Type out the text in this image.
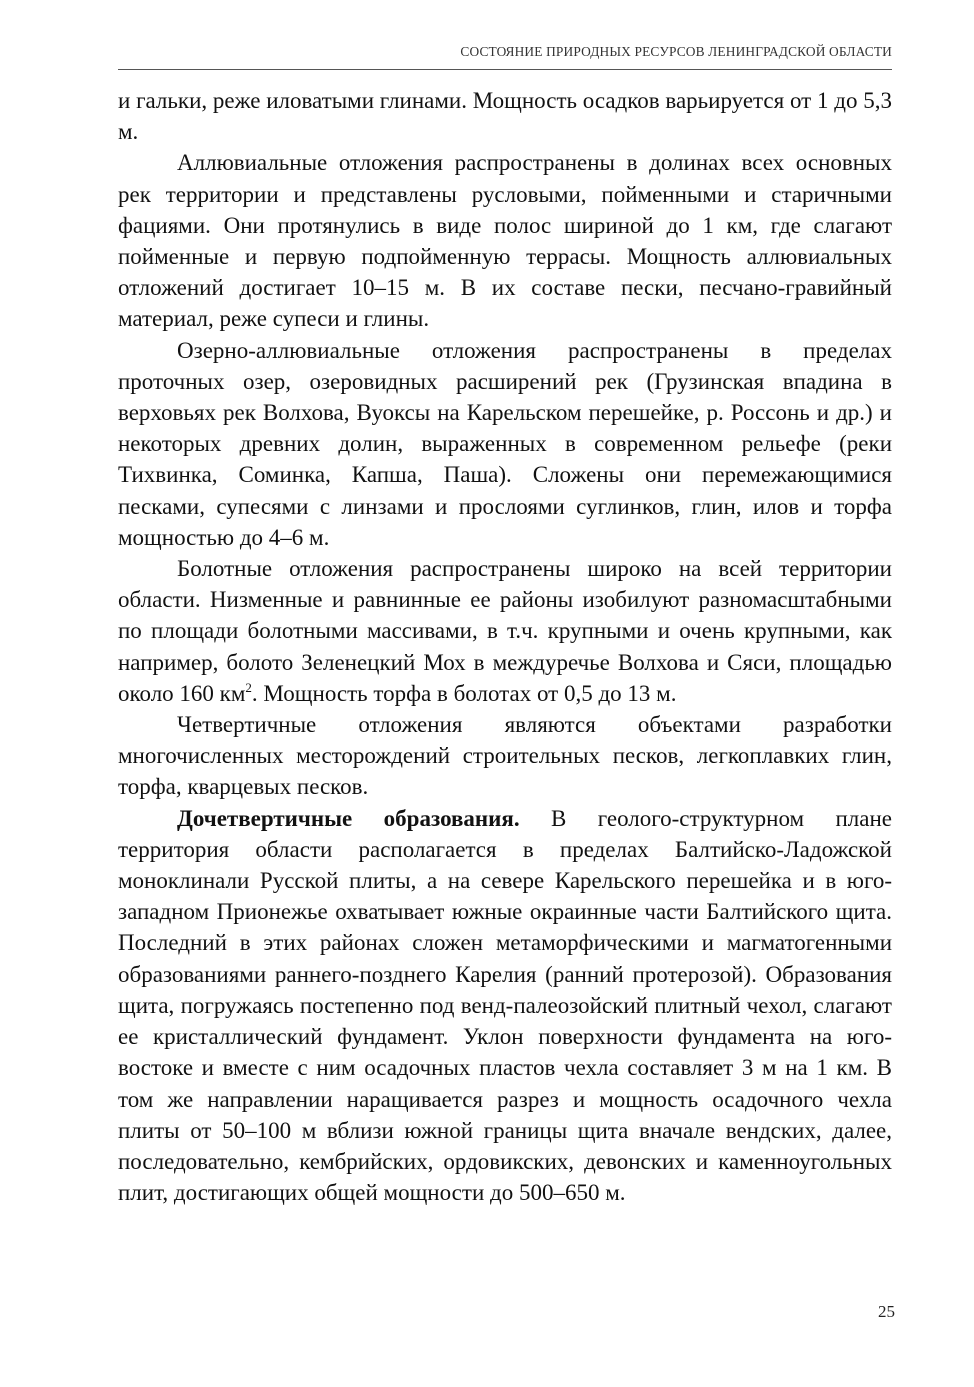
СОСТОЯНИЕ ПРИРОДНЫХ РЕСУРСОВ ЛЕНИНГРАДСКОЙ ОБЛАСТИ

и гальки, реже иловатыми глинами. Мощность осадков варьируется от 1 до 5,3 м.

Аллювиальные отложения распространены в долинах всех основных рек территории и представлены русловыми, пойменными и старичными фациями. Они протянулись в виде полос шириной до 1 км, где слагают пойменные и первую подпойменную террасы. Мощность аллювиальных отложений достигает 10–15 м. В их составе пески, песчано-гравийный материал, реже супеси и глины.

Озерно-аллювиальные отложения распространены в пределах проточных озер, озеровидных расширений рек (Грузинская впадина в верховьях рек Волхова, Вуоксы на Карельском перешейке, р. Россонь и др.) и некоторых древних долин, выраженных в современном рельефе (реки Тихвинка, Соминка, Капша, Паша). Сложены они перемежающимися песками, супесями с линзами и прослоями суглинков, глин, илов и торфа мощностью до 4–6 м.

Болотные отложения распространены широко на всей территории области. Низменные и равнинные ее районы изобилуют разномасштабными по площади болотными массивами, в т.ч. крупными и очень крупными, как например, болото Зеленецкий Мох в междуречье Волхова и Сяси, площадью около 160 $км^2$. Мощность торфа в болотах от 0,5 до 13 м.

Четвертичные отложения являются объектами разработки многочисленных месторождений строительных песков, легкоплавких глин, торфа, кварцевых песков.

Дочетвертичные образования. В геолого-структурном плане территория области располагается в пределах Балтийско-Ладожской моноклинали Русской плиты, а на севере Карельского перешейка и в юго-западном Прионежье охватывает южные окраинные части Балтийского щита. Последний в этих районах сложен метаморфическими и магматогенными образованиями раннего-позднего Карелия (ранний протерозой). Образования щита, погружаясь постепенно под венд-палеозойский плитный чехол, слагают ее кристаллический фундамент. Уклон поверхности фундамента на юго-востоке и вместе с ним осадочных пластов чехла составляет 3 м на 1 км. В том же направлении наращивается разрез и мощность осадочного чехла плиты от 50–100 м вблизи южной границы щита вначале вендских, далее, последовательно, кембрийских, ордовикских, девонских и каменноугольных плит, достигающих общей мощности до 500–650 м.

25
